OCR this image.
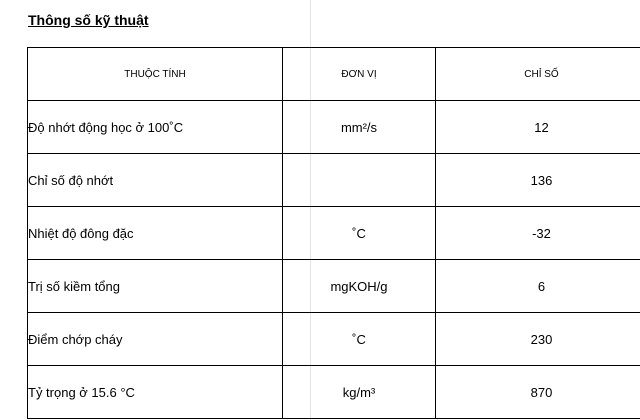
Thông số kỹ thuật
THUỘC TÍNH	ĐƠN VỊ	CHỈ SỐ
Độ nhớt động học ở 100˚C	mm²/s	12
Chỉ số độ nhớt		136
Nhiệt độ đông đặc	˚C	-32
Trị số kiềm tổng	mgKOH/g	6
Điểm chớp cháy	˚C	230
Tỷ trọng ở 15.6 °C	kg/m³	870
